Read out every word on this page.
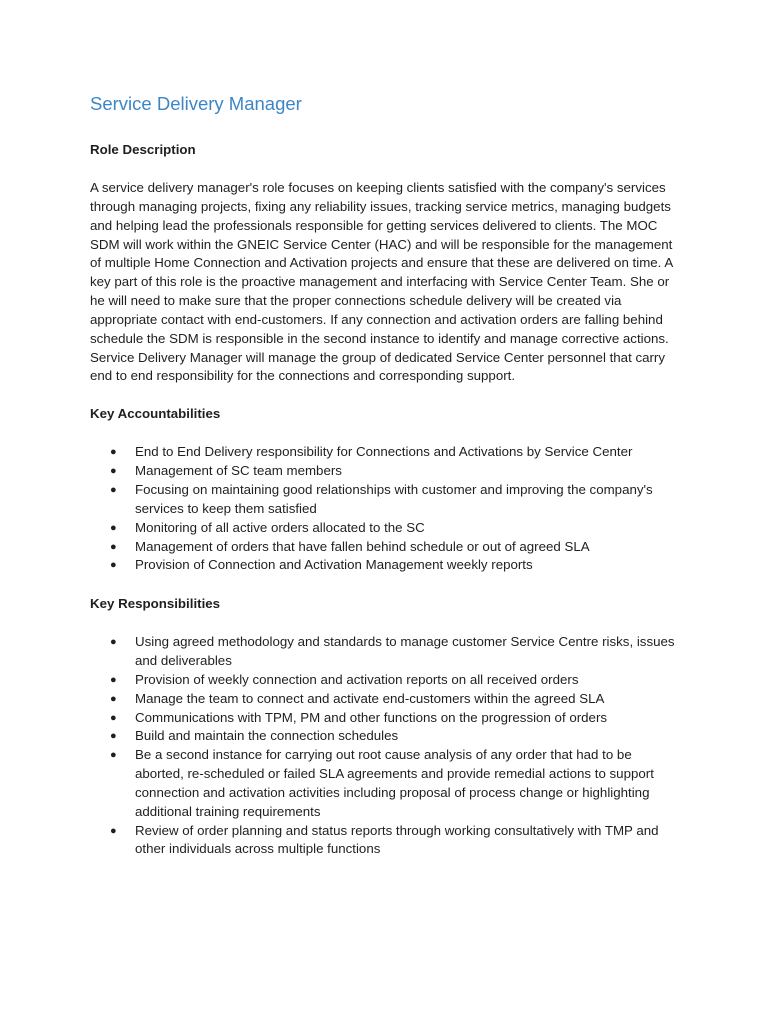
Service Delivery Manager
Role Description

A service delivery manager's role focuses on keeping clients satisfied with the company's services through managing projects, fixing any reliability issues, tracking service metrics, managing budgets and helping lead the professionals responsible for getting services delivered to clients. The MOC SDM will work within the GNEIC Service Center (HAC) and will be responsible for the management of multiple Home Connection and Activation projects and ensure that these are delivered on time. A key part of this role is the proactive management and interfacing with Service Center Team. She or he will need to make sure that the proper connections schedule delivery will be created via appropriate contact with end-customers. If any connection and activation orders are falling behind schedule the SDM is responsible in the second instance to identify and manage corrective actions. Service Delivery Manager will manage the group of dedicated Service Center personnel that carry end to end responsibility for the connections and corresponding support.

Key Accountabilities
● End to End Delivery responsibility for Connections and Activations by Service Center
● Management of SC team members
● Focusing on maintaining good relationships with customer and improving the company's services to keep them satisfied
● Monitoring of all active orders allocated to the SC
● Management of orders that have fallen behind schedule or out of agreed SLA
● Provision of Connection and Activation Management weekly reports
Key Responsibilities
● Using agreed methodology and standards to manage customer Service Centre risks, issues and deliverables
● Provision of weekly connection and activation reports on all received orders
● Manage the team to connect and activate end-customers within the agreed SLA
● Communications with TPM, PM and other functions on the progression of orders
● Build and maintain the connection schedules
● Be a second instance for carrying out root cause analysis of any order that had to be aborted, re-scheduled or failed SLA agreements and provide remedial actions to support connection and activation activities including proposal of process change or highlighting additional training requirements
● Review of order planning and status reports through working consultatively with TMP and other individuals across multiple functions
